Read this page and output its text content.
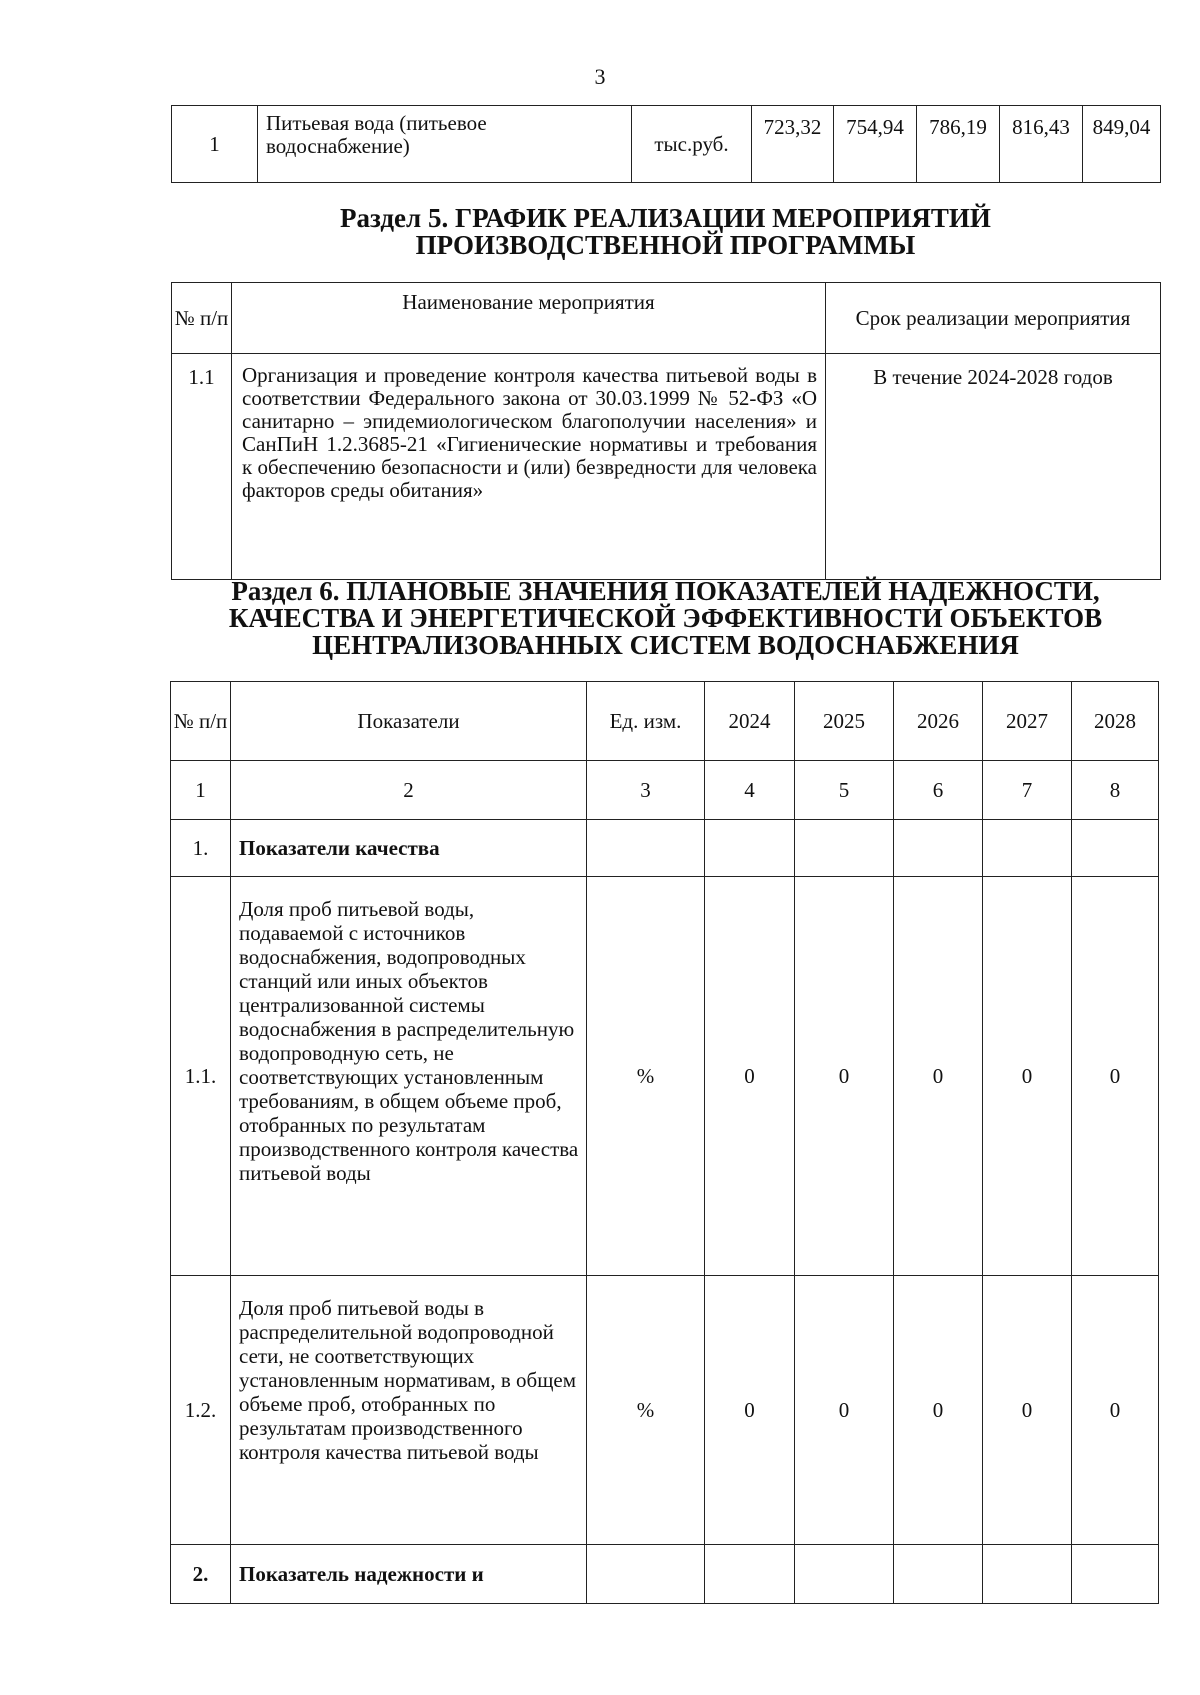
3
1	Питьевая вода (питьевое водоснабжение)	тыс.руб.	723,32	754,94	786,19	816,43	849,04
Раздел 5. ГРАФИК РЕАЛИЗАЦИИ МЕРОПРИЯТИЙ
ПРОИЗВОДСТВЕННОЙ ПРОГРАММЫ
№ п/п	Наименование мероприятия	Срок реализации мероприятия
1.1	Организация и проведение контроля качества питьевой воды в соответствии Федерального закона от 30.03.1999 № 52-ФЗ «О санитарно – эпидемиологическом благополучии населения» и СанПиН 1.2.3685-21 «Гигиенические нормативы и требования к обеспечению безопасности и (или) безвредности для человека факторов среды обитания»	В течение 2024-2028 годов
Раздел 6. ПЛАНОВЫЕ ЗНАЧЕНИЯ ПОКАЗАТЕЛЕЙ НАДЕЖНОСТИ,
КАЧЕСТВА И ЭНЕРГЕТИЧЕСКОЙ ЭФФЕКТИВНОСТИ ОБЪЕКТОВ
ЦЕНТРАЛИЗОВАННЫХ СИСТЕМ ВОДОСНАБЖЕНИЯ
№ п/п	Показатели	Ед. изм.	2024	2025	2026	2027	2028
1	2	3	4	5	6	7	8
1.	Показатели качества						
1.1.	Доля проб питьевой воды, подаваемой с источников водоснабжения, водопроводных станций или иных объектов централизованной системы водоснабжения в распределительную водопроводную сеть, не соответствующих установленным требованиям, в общем объеме проб, отобранных по результатам производственного контроля качества питьевой воды	%	0	0	0	0	0
1.2.	Доля проб питьевой воды в распределительной водопроводной сети, не соответствующих установленным нормативам, в общем объеме проб, отобранных по результатам производственного контроля качества питьевой воды	%	0	0	0	0	0
2.	Показатель надежности и						
